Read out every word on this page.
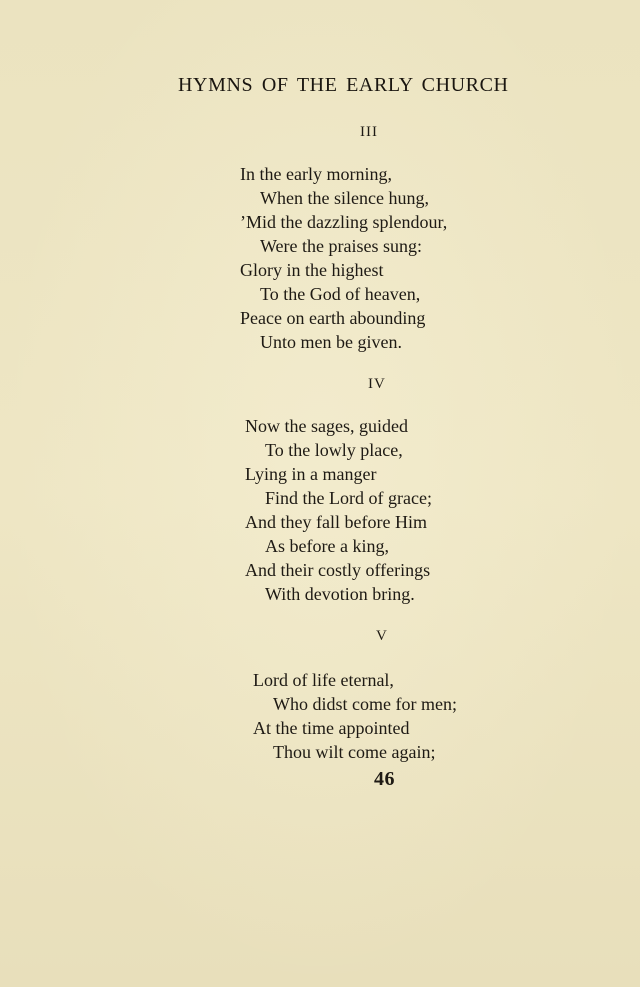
HYMNS OF THE EARLY CHURCH
III
In the early morning,
When the silence hung,
’Mid the dazzling splendour,
Were the praises sung:
Glory in the highest
To the God of heaven,
Peace on earth abounding
Unto men be given.
IV
Now the sages, guided
To the lowly place,
Lying in a manger
Find the Lord of grace;
And they fall before Him
As before a king,
And their costly offerings
With devotion bring.
V
Lord of life eternal,
Who didst come for men;
At the time appointed
Thou wilt come again;
46
